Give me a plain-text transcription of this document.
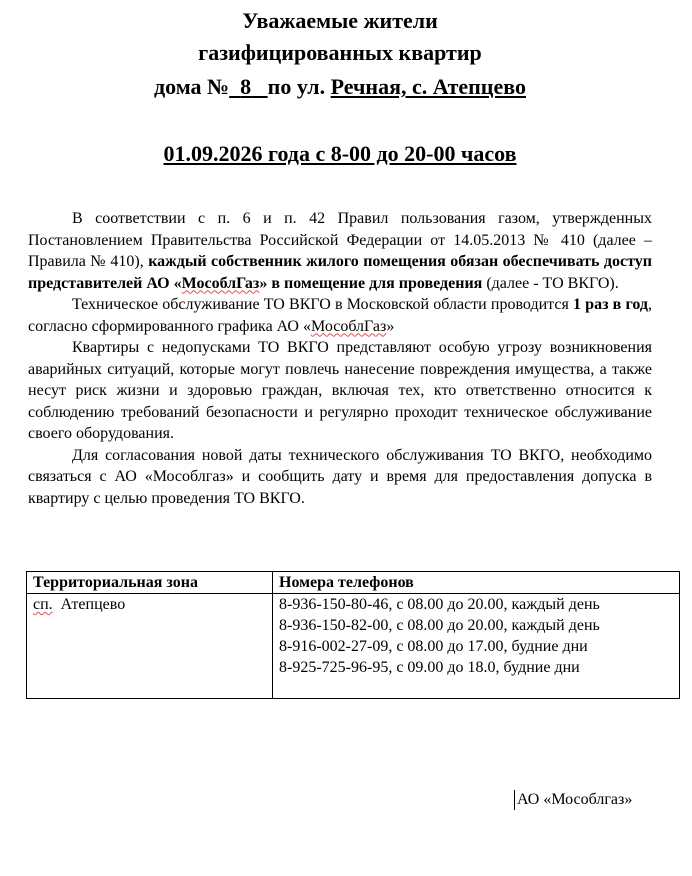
Уважаемые жители
газифицированных квартир
дома № 8 по ул. Речная, с. Атепцево
01.09.2026 года с 8-00 до 20-00 часов

В соответствии с п. 6 и п. 42 Правил пользования газом, утвержденных Постановлением Правительства Российской Федерации от 14.05.2013 № 410 (далее – Правила № 410), каждый собственник жилого помещения обязан обеспечивать доступ представителей АО «МособлГаз» в помещение для проведения (далее - ТО ВКГО).

Техническое обслуживание ТО ВКГО в Московской области проводится 1 раз в год, согласно сформированного графика АО «МособлГаз»

Квартиры с недопусками ТО ВКГО представляют особую угрозу возникновения аварийных ситуаций, которые могут повлечь нанесение повреждения имущества, а также несут риск жизни и здоровью граждан, включая тех, кто ответственно относится к соблюдению требований безопасности и регулярно проходит техническое обслуживание своего оборудования.

Для согласования новой даты технического обслуживания ТО ВКГО, необходимо связаться с АО «Мособлгаз» и сообщить дату и время для предоставления допуска в квартиру с целью проведения ТО ВКГО.

Территориальная зона	Номера телефонов
сп. Атепцево	8-936-150-80-46, с 08.00 до 20.00, каждый день
8-936-150-82-00, с 08.00 до 20.00, каждый день
8-916-002-27-09, с 08.00 до 17.00, будние дни
8-925-725-96-95, с 09.00 до 18.0, будние дни
АО «Мособлгаз»
